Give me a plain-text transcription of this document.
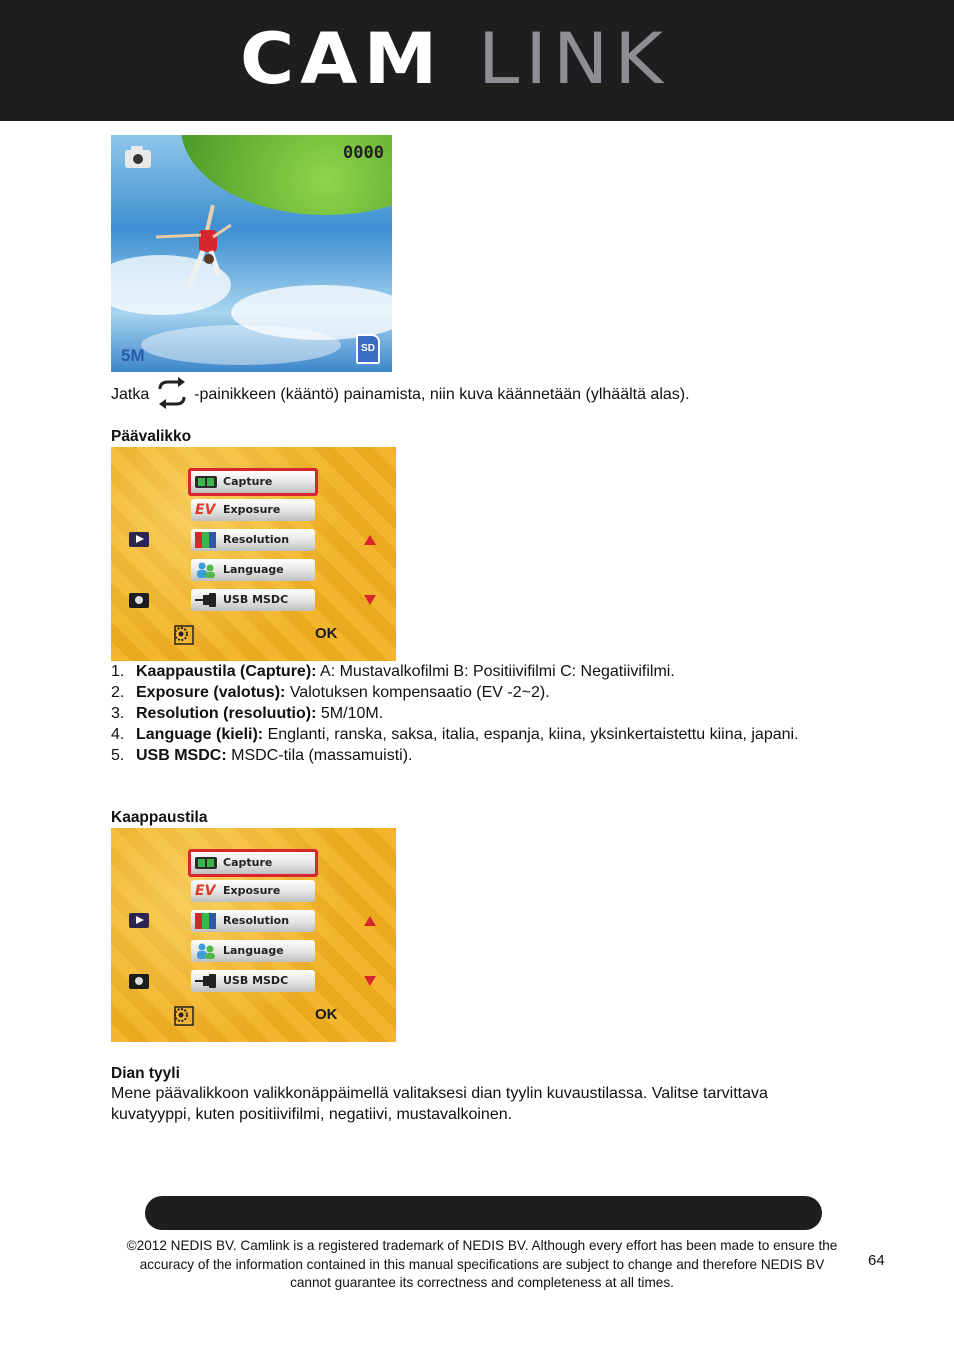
CAM LINK
0000
5M	SD
Jatka	-painikkeen (kääntö) painamista, niin kuva käännetään (ylhäältä alas).
Päävalikko
Capture
EV Exposure
Resolution
Language
USB MSDC
OK
1. Kaappaustila (Capture): A: Mustavalkofilmi B: Positiivifilmi C: Negatiivifilmi.
2. Exposure (valotus): Valotuksen kompensaatio (EV -2~2).
3. Resolution (resoluutio): 5M/10M.
4. Language (kieli): Englanti, ranska, saksa, italia, espanja, kiina, yksinkertaistettu kiina, japani.
5. USB MSDC: MSDC-tila (massamuisti).
Kaappaustila
Capture
EV Exposure
Resolution
Language
USB MSDC
OK
Dian tyyli
Mene päävalikkoon valikkonäppäimellä valitaksesi dian tyylin kuvaustilassa. Valitse tarvittava kuvatyyppi, kuten positiivifilmi, negatiivi, mustavalkoinen.
©2012 NEDIS BV. Camlink is a registered trademark of NEDIS BV. Although every effort has been made to ensure the accuracy of the information contained in this manual specifications are subject to change and therefore NEDIS BV cannot guarantee its correctness and completeness at all times.
64
